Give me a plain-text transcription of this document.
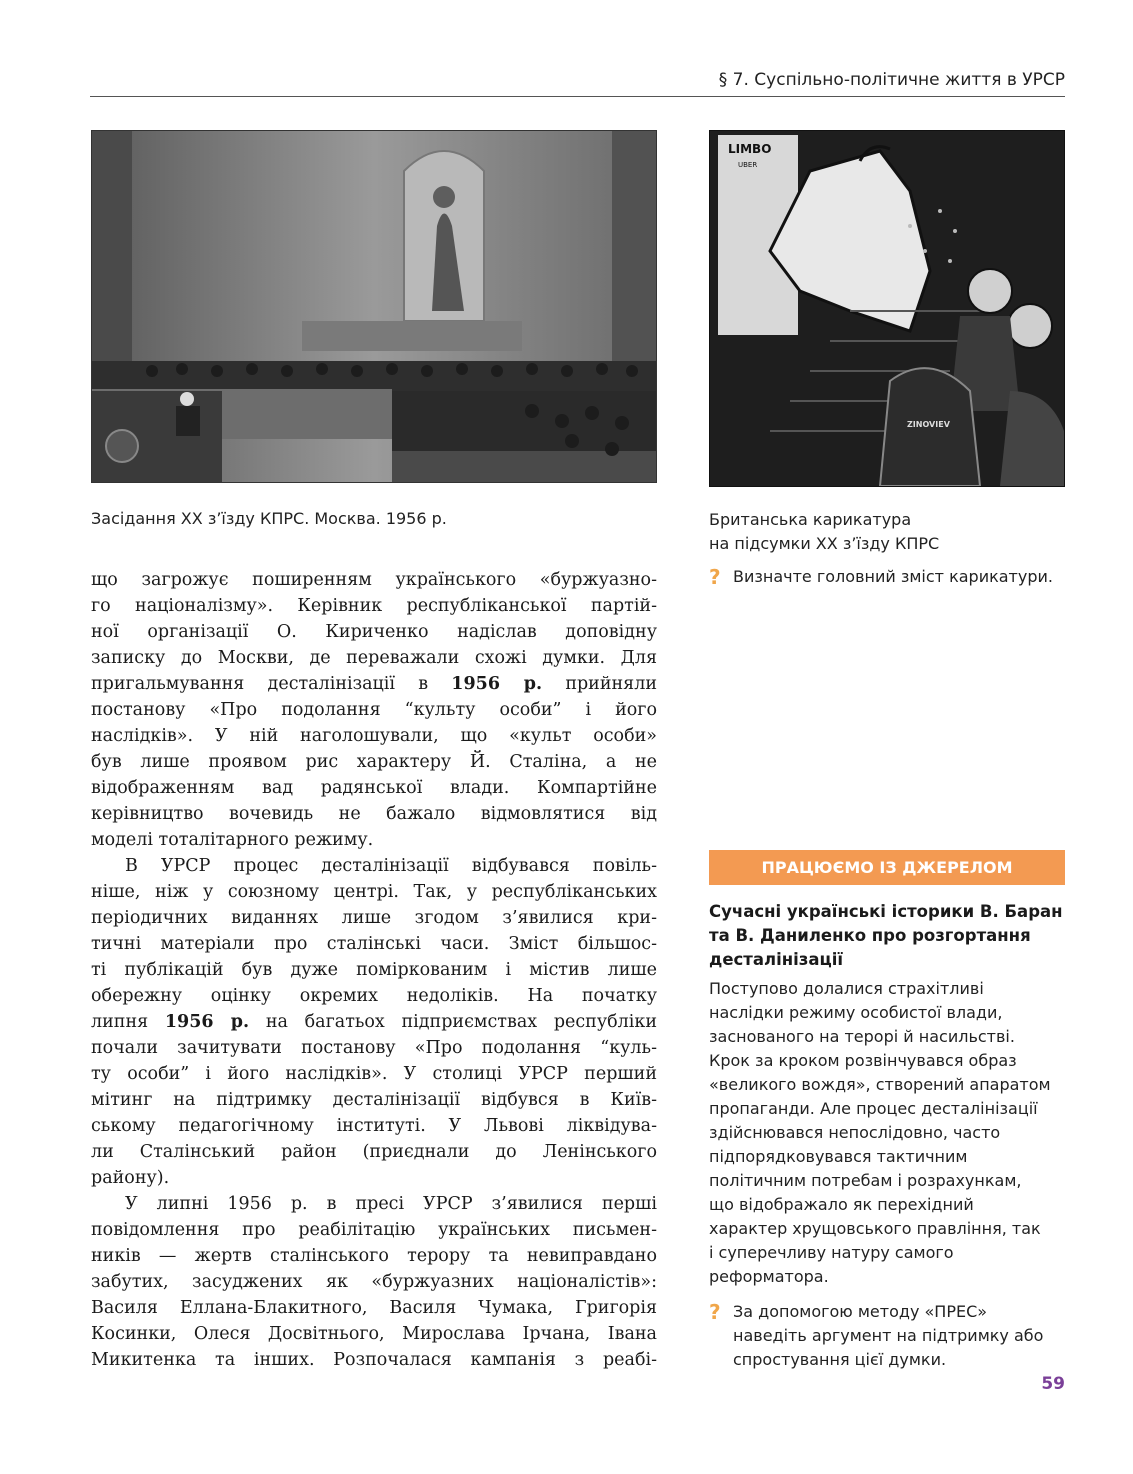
§ 7. Суспільно-політичне життя в УРСР
Засідання ХХ з’їзду КПРС. Москва. 1956 р.
LIMBO
UBER
ZINOVIEV
Британська карикатура
на підсумки ХХ з’їзду КПРС
? Визначте головний зміст карикатури.
що загрожує поширенням українського «буржуазно-
го націоналізму». Керівник республіканської партій-
ної організації О. Кириченко надіслав доповідну
записку до Москви, де переважали схожі думки. Для
пригальмування десталінізації в 1956 р. прийняли
постанову «Про подолання “культу особи” і його
наслідків». У ній наголошували, що «культ особи»
був лише проявом рис характеру Й. Сталіна, а не
відображенням вад радянської влади. Компартійне
керівництво вочевидь не бажало відмовлятися від
моделі тоталітарного режиму.
В УРСР процес десталінізації відбувався повіль-
ніше, ніж у союзному центрі. Так, у республіканських
періодичних виданнях лише згодом з’явилися кри-
тичні матеріали про сталінські часи. Зміст більшос-
ті публікацій був дуже поміркованим і містив лише
обережну оцінку окремих недоліків. На початку
липня 1956 р. на багатьох підприємствах республіки
почали зачитувати постанову «Про подолання “куль-
ту особи” і його наслідків». У столиці УРСР перший
мітинг на підтримку десталінізації відбувся в Київ-
ському педагогічному інституті. У Львові ліквідува-
ли Сталінський район (приєднали до Ленінського
району).
У липні 1956 р. в пресі УРСР з’явилися перші
повідомлення про реабілітацію українських письмен-
ників — жертв сталінського терору та невиправдано
забутих, засуджених як «буржуазних націоналістів»:
Василя Еллана-Блакитного, Василя Чумака, Григорія
Косинки, Олеся Досвітнього, Мирослава Ірчана, Івана
Микитенка та інших. Розпочалася кампанія з реабі-
ПРАЦЮЄМО ІЗ ДЖЕРЕЛОМ
Сучасні українські історики В. Баран
та В. Даниленко про розгортання
десталінізації
Поступово долалися страхітливі
наслідки режиму особистої влади,
заснованого на терорі й насильстві.
Крок за кроком розвінчувався образ
«великого вождя», створений апаратом
пропаганди. Але процес десталінізації
здійснювався непослідовно, часто
підпорядковувався тактичним
політичним потребам і розрахункам,
що відображало як перехідний
характер хрущовського правління, так
і суперечливу натуру самого
реформатора.
? За допомогою методу «ПРЕС»
наведіть аргумент на підтримку або
спростування цієї думки.
59
